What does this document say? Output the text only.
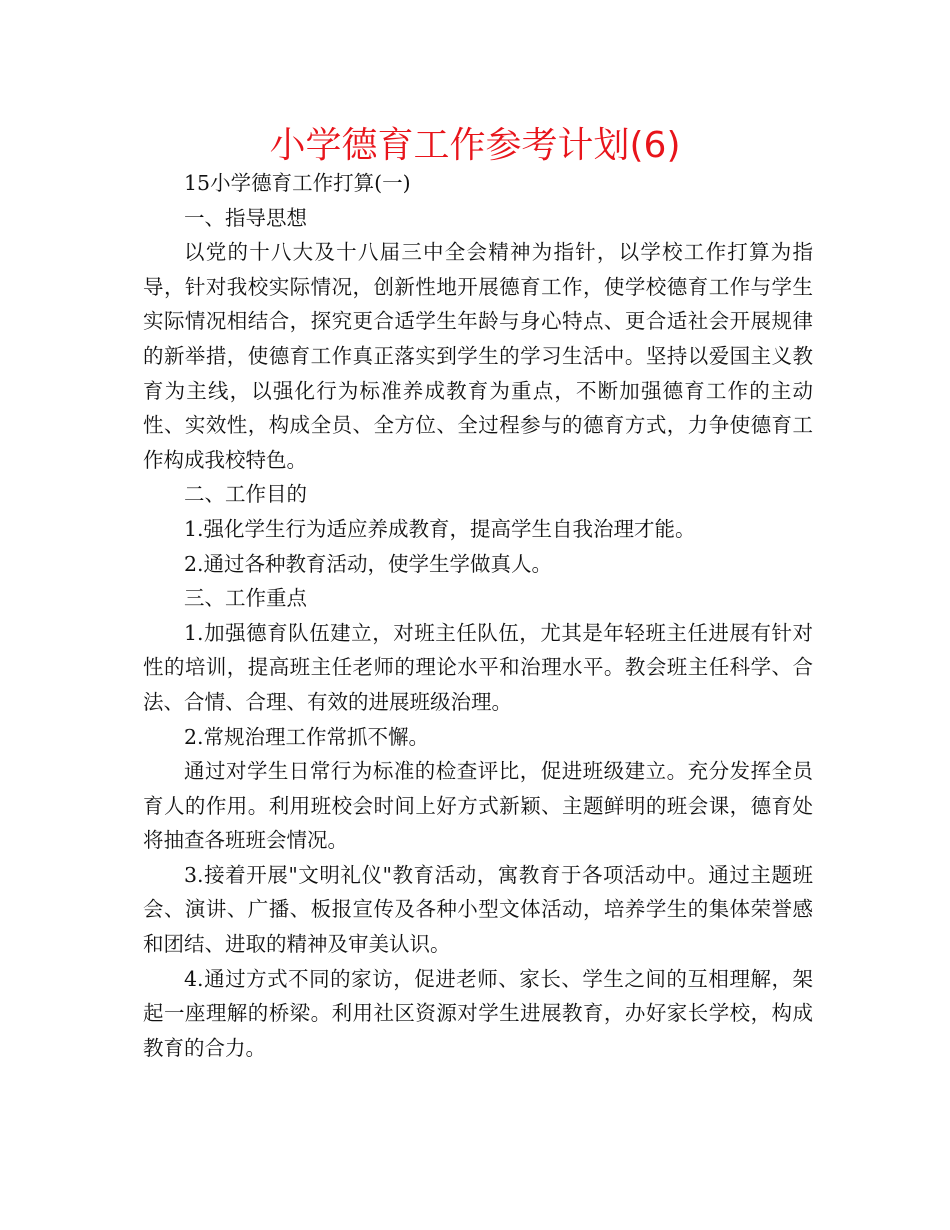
小学德育工作参考计划(6)

15小学德育工作打算(一)

一、指导思想

以党的十八大及十八届三中全会精神为指针，以学校工作打算为指导，针对我校实际情况，创新性地开展德育工作，使学校德育工作与学生实际情况相结合，探究更合适学生年龄与身心特点、更合适社会开展规律的新举措，使德育工作真正落实到学生的学习生活中。坚持以爱国主义教育为主线，以强化行为标准养成教育为重点，不断加强德育工作的主动性、实效性，构成全员、全方位、全过程参与的德育方式，力争使德育工作构成我校特色。

二、工作目的

1.强化学生行为适应养成教育，提高学生自我治理才能。

2.通过各种教育活动，使学生学做真人。

三、工作重点

1.加强德育队伍建立，对班主任队伍，尤其是年轻班主任进展有针对性的培训，提高班主任老师的理论水平和治理水平。教会班主任科学、合法、合情、合理、有效的进展班级治理。

2.常规治理工作常抓不懈。

通过对学生日常行为标准的检查评比，促进班级建立。充分发挥全员育人的作用。利用班校会时间上好方式新颖、主题鲜明的班会课，德育处将抽查各班班会情况。

3.接着开展"文明礼仪"教育活动，寓教育于各项活动中。通过主题班会、演讲、广播、板报宣传及各种小型文体活动，培养学生的集体荣誉感和团结、进取的精神及审美认识。

4.通过方式不同的家访，促进老师、家长、学生之间的互相理解，架起一座理解的桥梁。利用社区资源对学生进展教育，办好家长学校，构成教育的合力。
